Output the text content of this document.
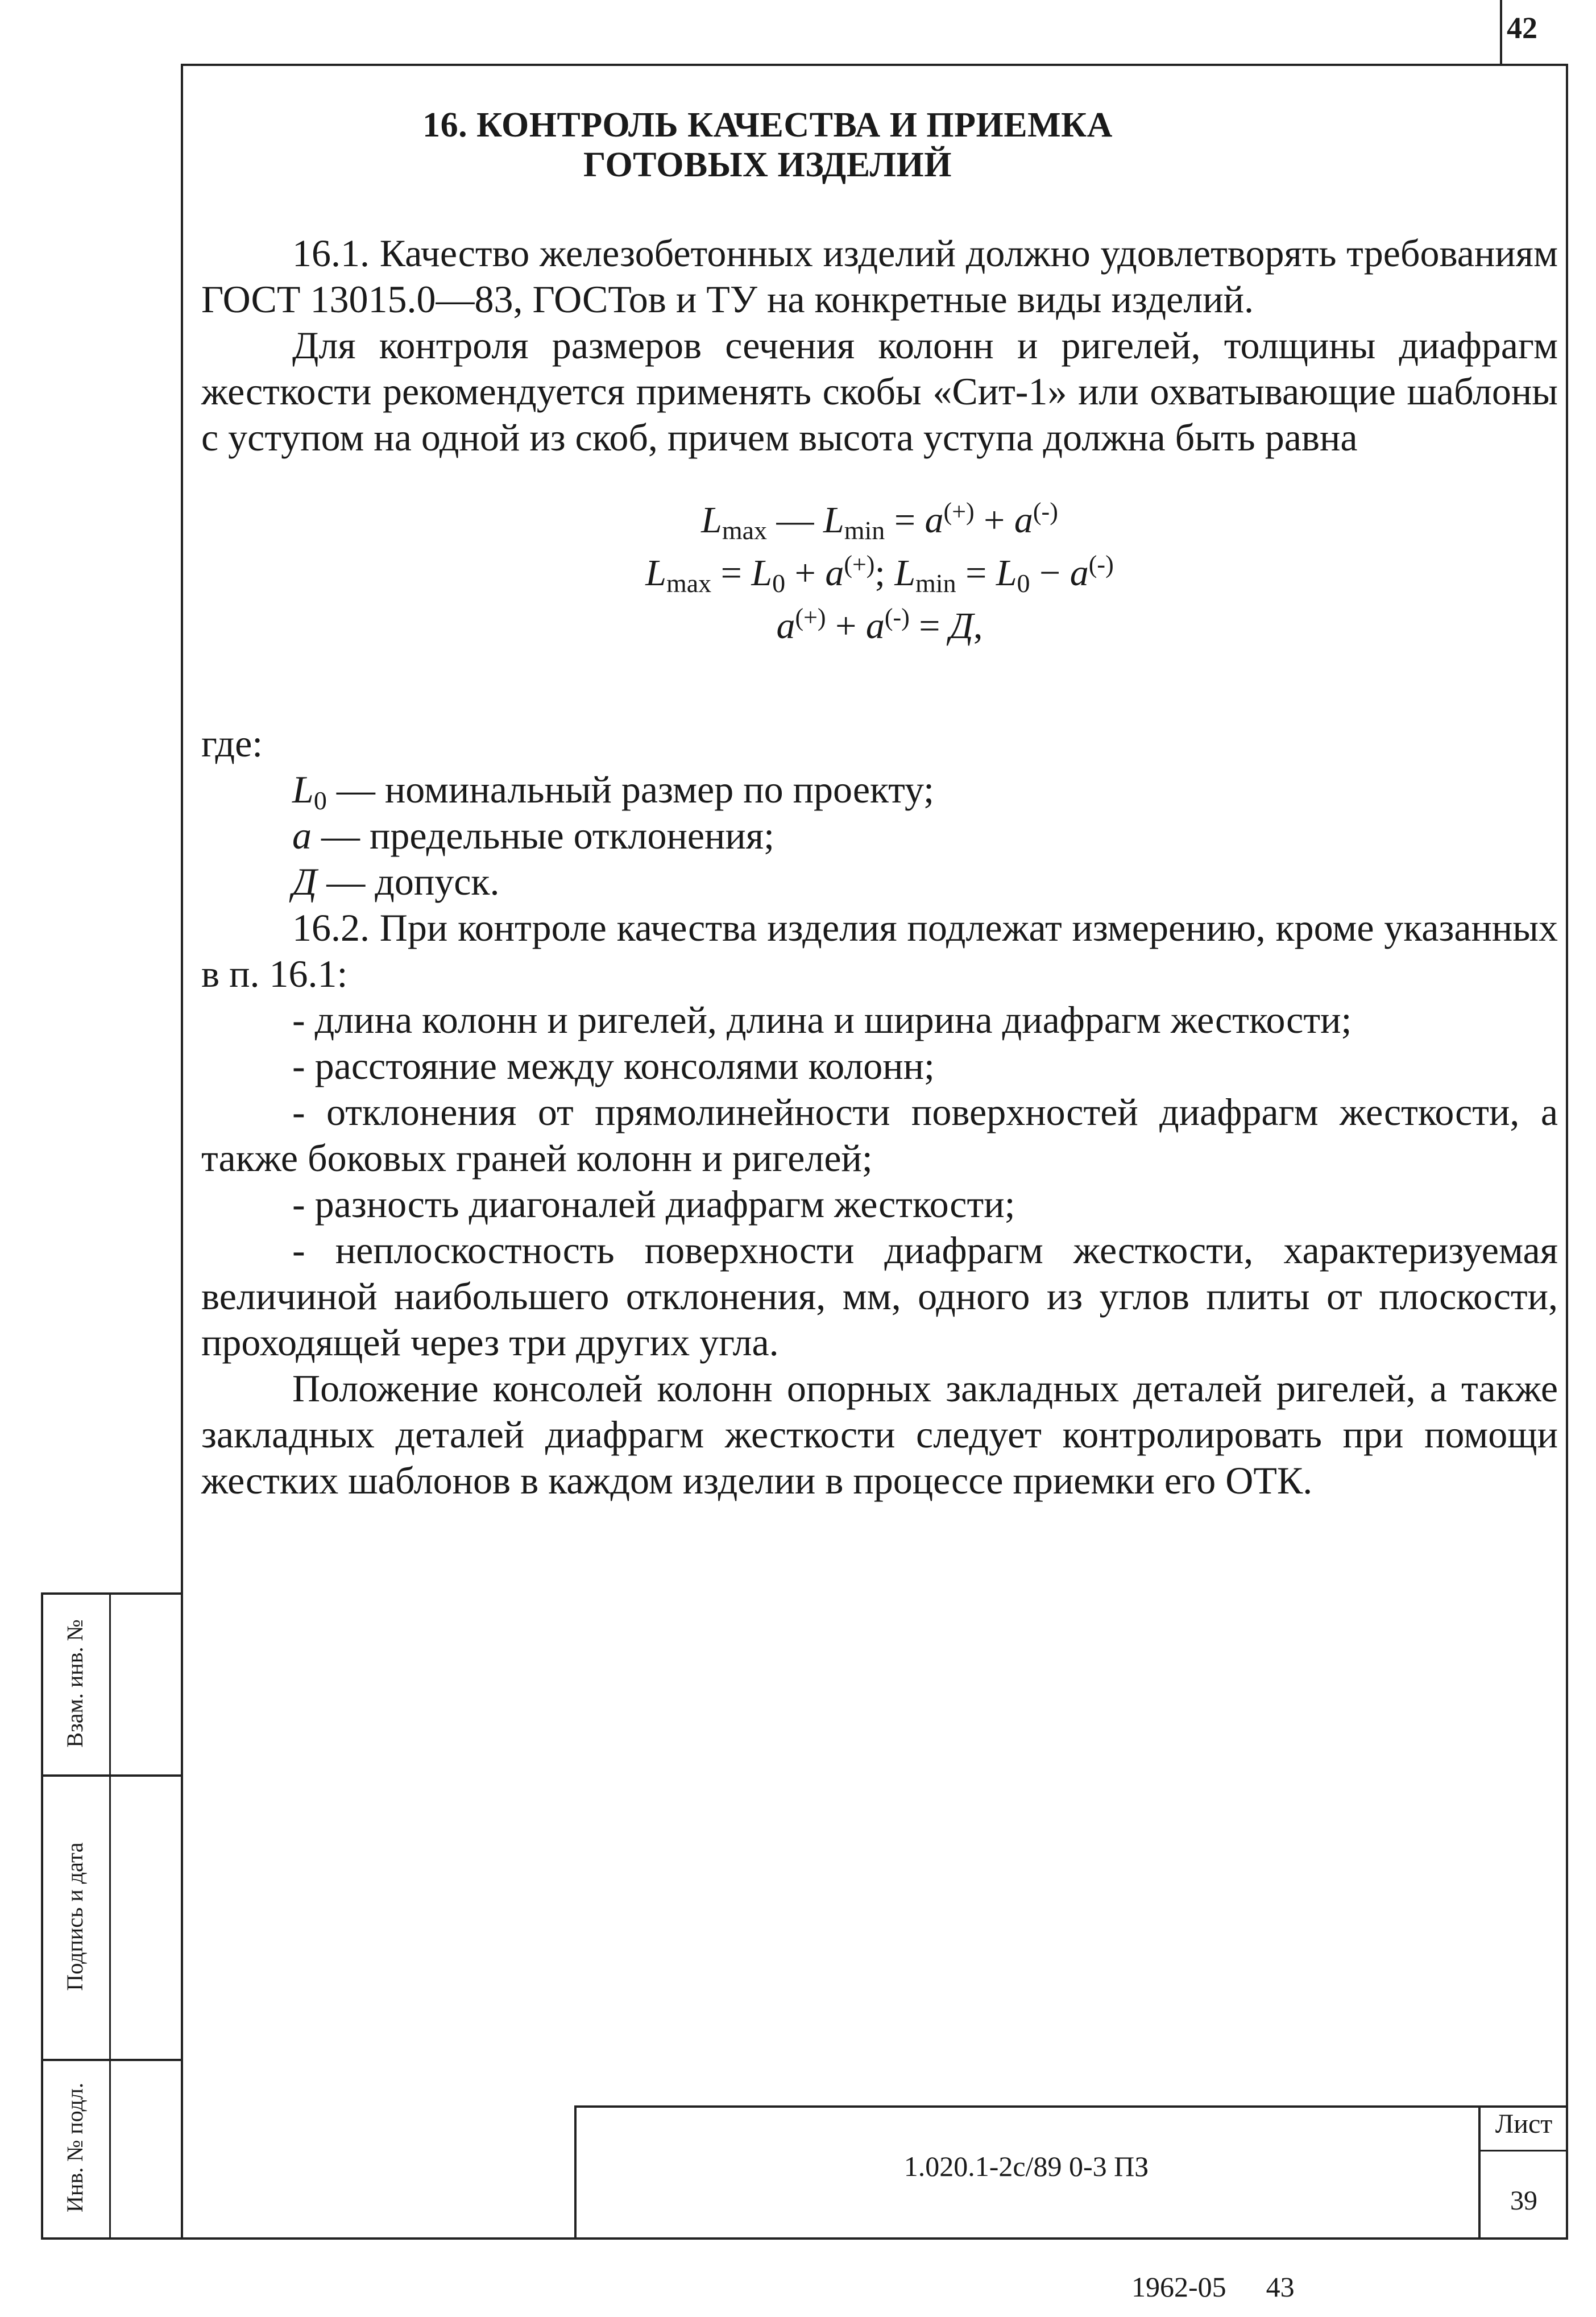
42
16. КОНТРОЛЬ КАЧЕСТВА И ПРИЕМКА ГОТОВЫХ ИЗДЕЛИЙ

16.1. Качество железобетонных изделий должно удовлетворять требованиям ГОСТ 13015.0—83, ГОСТов и ТУ на конкретные виды изделий.

Для контроля размеров сечения колонн и ригелей, толщины диафрагм жесткости рекомендуется применять скобы «Сит-1» или охватывающие шаблоны с уступом на одной из скоб, причем высота уступа должна быть равна

$L_{max}$ — $L_{min} = a^{(+)} + a^{(-)}$
$L_{max} = L_0 + a^{(+)}$; $L_{min} = L_0 - a^{(-)}$
a(+) + a(-) = Д,

где:

$L_0$ — номинальный размер по проекту;

а — предельные отклонения;

Д — допуск.

16.2. При контроле качества изделия подлежат измерению, кроме указанных в п. 16.1:

- длина колонн и ригелей, длина и ширина диафрагм жесткости;

- расстояние между консолями колонн;

- отклонения от прямолинейности поверхностей диафрагм жесткости, а также боковых граней колонн и ригелей;

- разность диагоналей диафрагм жесткости;

- неплоскостность поверхности диафрагм жесткости, характеризуемая величиной наибольшего отклонения, мм, одного из углов плиты от плоскости, проходящей через три других угла.

Положение консолей колонн опорных закладных деталей ригелей, а также закладных деталей диафрагм жесткости следует контролировать при помощи жестких шаблонов в каждом изделии в процессе приемки его ОТК.

Взам. инв. №
Подпись и дата
Инв. № подл.	1.020.1-2с/89 0-3 ПЗ
Лист
39
1962-05 43
